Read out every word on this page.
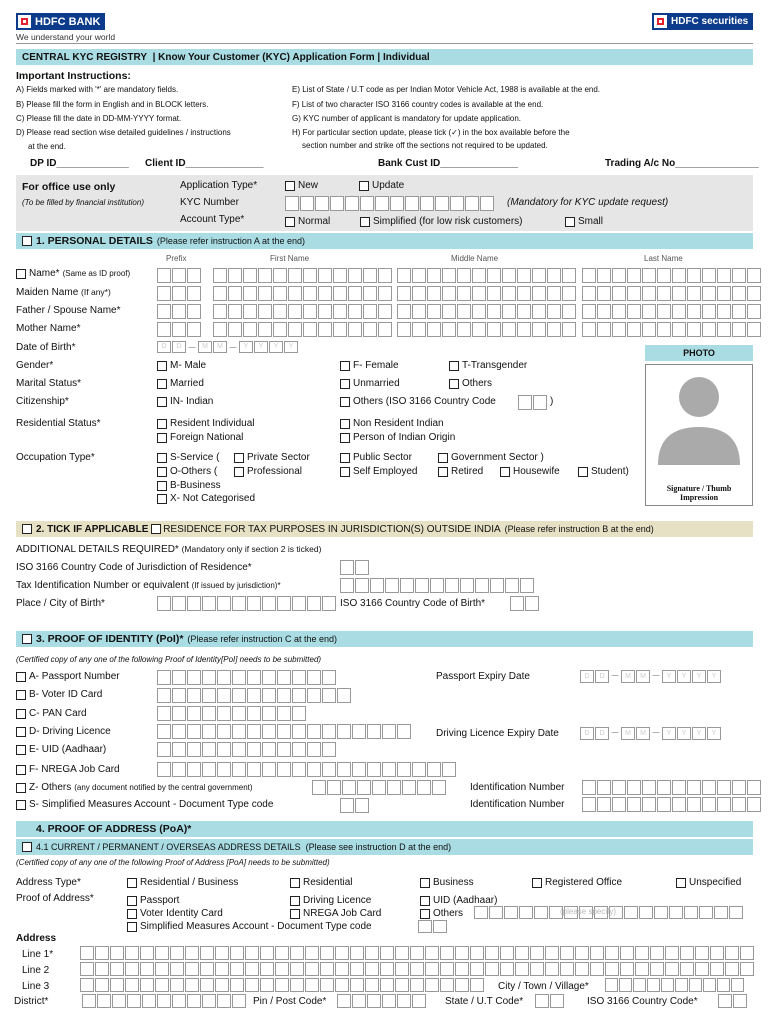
HDFC BANK
We understand your world
HDFC securities
CENTRAL KYC REGISTRY
| Know Your Customer (KYC) Application Form | Individual
Important Instructions:
A) Fields marked with '*' are mandatory fields.
B) Please fill the form in English and in BLOCK letters.
C) Please fill the date in DD-MM-YYYY format.
D) Please read section wise detailed guidelines / instructions
at the end.
E) List of State / U.T code as per Indian Motor Vehicle Act, 1988 is available at the end.
F) List of two character ISO 3166 country codes is available at the end.
G) KYC number of applicant is mandatory for update application.
H) For particular section update, please tick (✓) in the box available before the
section number and strike off the sections not required to be updated.
DP ID_____________ Client ID______________	Bank Cust ID______________	Trading A/c No_______________
For office use only
(To be filled by financial institution)
Application Type*	New	Update
KYC Number	(Mandatory for KYC update request)
Account Type*	Normal	Simplified (for low risk customers)	Small
1. PERSONAL DETAILS (Please refer instruction A at the end)
Prefix	First Name	Middle Name	Last Name
Name* (Same as ID proof)
Maiden Name (If any*)
Father / Spouse Name*
Mother Name*
Date of Birth*	D	D — M	M —	Y	Y	Y	Y
Gender*	M- Male	F- Female	T-Transgender
Marital Status*	Married	Unmarried	Others
Citizenship*	IN- Indian	Others (ISO 3166 Country Code	)
Residential Status*	Resident Individual	Non Resident Indian
Foreign National	Person of Indian Origin
Occupation Type*	S-Service (	Private Sector	Public Sector	Government Sector )
O-Others (	Professional	Self Employed	Retired	Housewife	Student)
B-Business
X- Not Categorised
PHOTO
Signature / Thumb Impression
2. TICK IF APPLICABLE
RESIDENCE FOR TAX PURPOSES IN JURISDICTION(S) OUTSIDE INDIA (Please refer instruction B at the end)
ADDITIONAL DETAILS REQUIRED* (Mandatory only if section 2 is ticked)
ISO 3166 Country Code of Jurisdiction of Residence*
Tax Identification Number or equivalent (If issued by jurisdiction)*
Place / City of Birth*	ISO 3166 Country Code of Birth*
3. PROOF OF IDENTITY (PoI)* (Please refer instruction C at the end)
(Certified copy of any one of the following Proof of Identity[PoI] needs to be submitted)
A- Passport Number	Passport Expiry Date
B- Voter ID Card
C- PAN Card
D- Driving Licence	Driving Licence Expiry Date
E- UID (Aadhaar)
F- NREGA Job Card
Z- Others (any document notified by the central government)	Identification Number
S- Simplified Measures Account - Document Type code	Identification Number
4. PROOF OF ADDRESS (PoA)*
4.1 CURRENT / PERMANENT / OVERSEAS ADDRESS DETAILS
(Please see instruction D at the end)
(Certified copy of any one of the following Proof of Address [PoA] needs to be submitted)
Address Type*	Residential / Business	Residential	Business	Registered Office	Unspecified
Proof of Address*	Passport	Driving Licence	UID (Aadhaar)
Voter Identity Card	NREGA Job Card	Others	(please specify)
Simplified Measures Account - Document Type code
Address
Line 1*
Line 2
Line 3	City / Town / Village*
District*	Pin / Post Code*	State / U.T Code*	ISO 3166 Country Code*
D	D — M	M —	Y	Y	Y	Y
D	D — M	M —	Y	Y	Y	Y
